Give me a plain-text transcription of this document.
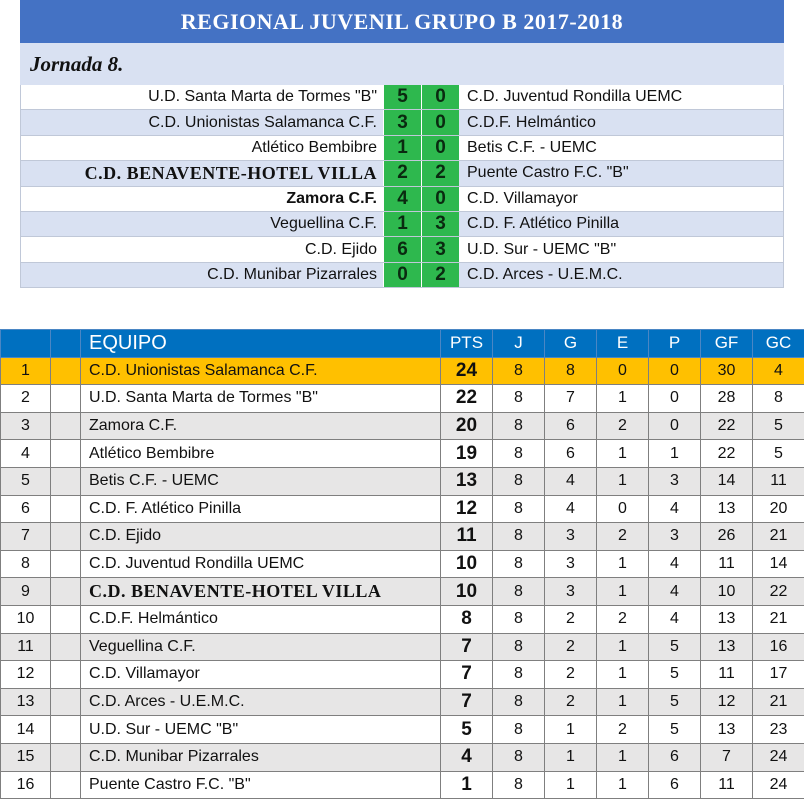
REGIONAL JUVENIL GRUPO B 2017-2018
Jornada 8.
U.D. Santa Marta de Tormes "B"	5	0	C.D. Juventud Rondilla UEMC
C.D. Unionistas Salamanca C.F.	3	0	C.D.F. Helmántico
Atlético Bembibre	1	0	Betis C.F. - UEMC
C.D. BENAVENTE-HOTEL VILLA	2	2	Puente Castro F.C. "B"
Zamora C.F.	4	0	C.D. Villamayor
Veguellina C.F.	1	3	C.D. F. Atlético Pinilla
C.D. Ejido	6	3	U.D. Sur - UEMC "B"
C.D. Munibar Pizarrales	0	2	C.D. Arces - U.E.M.C.
		EQUIPO	PTS	J	G	E	P	GF	GC
1		C.D. Unionistas Salamanca C.F.	24	8	8	0	0	30	4
2		U.D. Santa Marta de Tormes "B"	22	8	7	1	0	28	8
3		Zamora C.F.	20	8	6	2	0	22	5
4		Atlético Bembibre	19	8	6	1	1	22	5
5		Betis C.F. - UEMC	13	8	4	1	3	14	11
6		C.D. F. Atlético Pinilla	12	8	4	0	4	13	20
7		C.D. Ejido	11	8	3	2	3	26	21
8		C.D. Juventud Rondilla UEMC	10	8	3	1	4	11	14
9		C.D. BENAVENTE-HOTEL VILLA	10	8	3	1	4	10	22
10		C.D.F. Helmántico	8	8	2	2	4	13	21
11		Veguellina C.F.	7	8	2	1	5	13	16
12		C.D. Villamayor	7	8	2	1	5	11	17
13		C.D. Arces - U.E.M.C.	7	8	2	1	5	12	21
14		U.D. Sur - UEMC "B"	5	8	1	2	5	13	23
15		C.D. Munibar Pizarrales	4	8	1	1	6	7	24
16		Puente Castro F.C. "B"	1	8	1	1	6	11	24
